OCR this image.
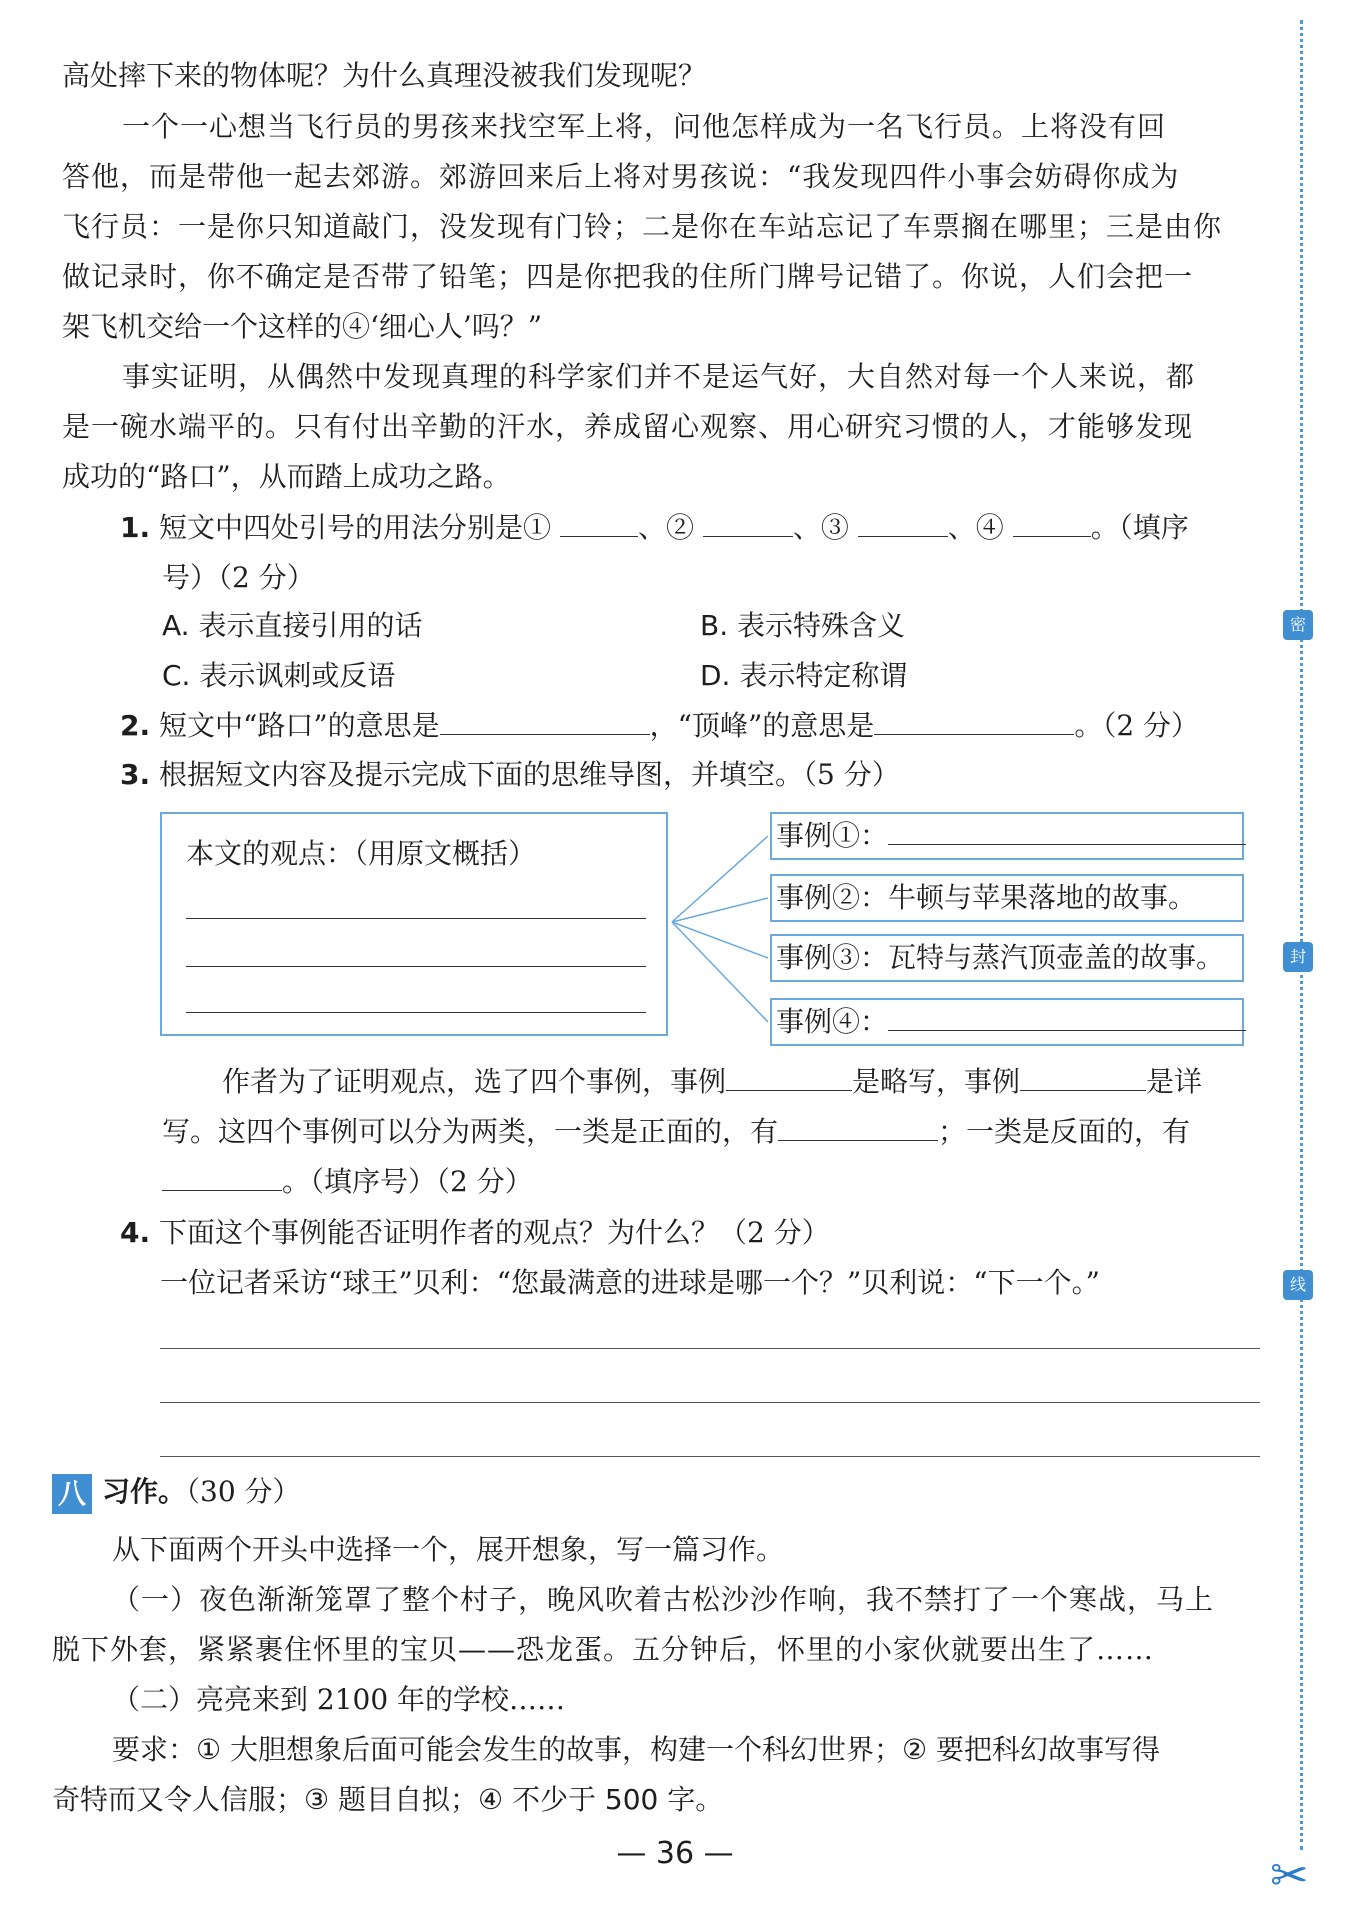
高处摔下来的物体呢？为什么真理没被我们发现呢？
一个一心想当飞行员的男孩来找空军上将，问他怎样成为一名飞行员。上将没有回
答他，而是带他一起去郊游。郊游回来后上将对男孩说：“我发现四件小事会妨碍你成为
飞行员：一是你只知道敲门，没发现有门铃；二是你在车站忘记了车票搁在哪里；三是由你
做记录时，你不确定是否带了铅笔；四是你把我的住所门牌号记错了。你说，人们会把一
架飞机交给一个这样的④‘细心人’吗？”
事实证明，从偶然中发现真理的科学家们并不是运气好，大自然对每一个人来说，都
是一碗水端平的。只有付出辛勤的汗水，养成留心观察、用心研究习惯的人，才能够发现
成功的“路口”，从而踏上成功之路。
1. 短文中四处引号的用法分别是①	、②	、③	、④	。（填序
号）（2 分）
A. 表示直接引用的话	B. 表示特殊含义
C. 表示讽刺或反语	D. 表示特定称谓
2. 短文中“路口”的意思是	，“顶峰”的意思是	。（2 分）
3. 根据短文内容及提示完成下面的思维导图，并填空。（5 分）
本文的观点：（用原文概括）
事例①：
事例②：牛顿与苹果落地的故事。
事例③：瓦特与蒸汽顶壶盖的故事。
事例④：
作者为了证明观点，选了四个事例，事例	是略写，事例	是详
写。这四个事例可以分为两类，一类是正面的，有	；一类是反面的，有
。（填序号）（2 分）
4. 下面这个事例能否证明作者的观点？为什么？（2 分）
一位记者采访“球王”贝利：“您最满意的进球是哪一个？”贝利说：“下一个。”
八 习作。（30 分）
从下面两个开头中选择一个，展开想象，写一篇习作。
（一）夜色渐渐笼罩了整个村子，晚风吹着古松沙沙作响，我不禁打了一个寒战，马上
脱下外套，紧紧裹住怀里的宝贝——恐龙蛋。五分钟后，怀里的小家伙就要出生了……
（二）亮亮来到 2100 年的学校……
要求：① 大胆想象后面可能会发生的故事，构建一个科幻世界；② 要把科幻故事写得
奇特而又令人信服；③ 题目自拟；④ 不少于 500 字。
— 36 —
密
封
线
✂
